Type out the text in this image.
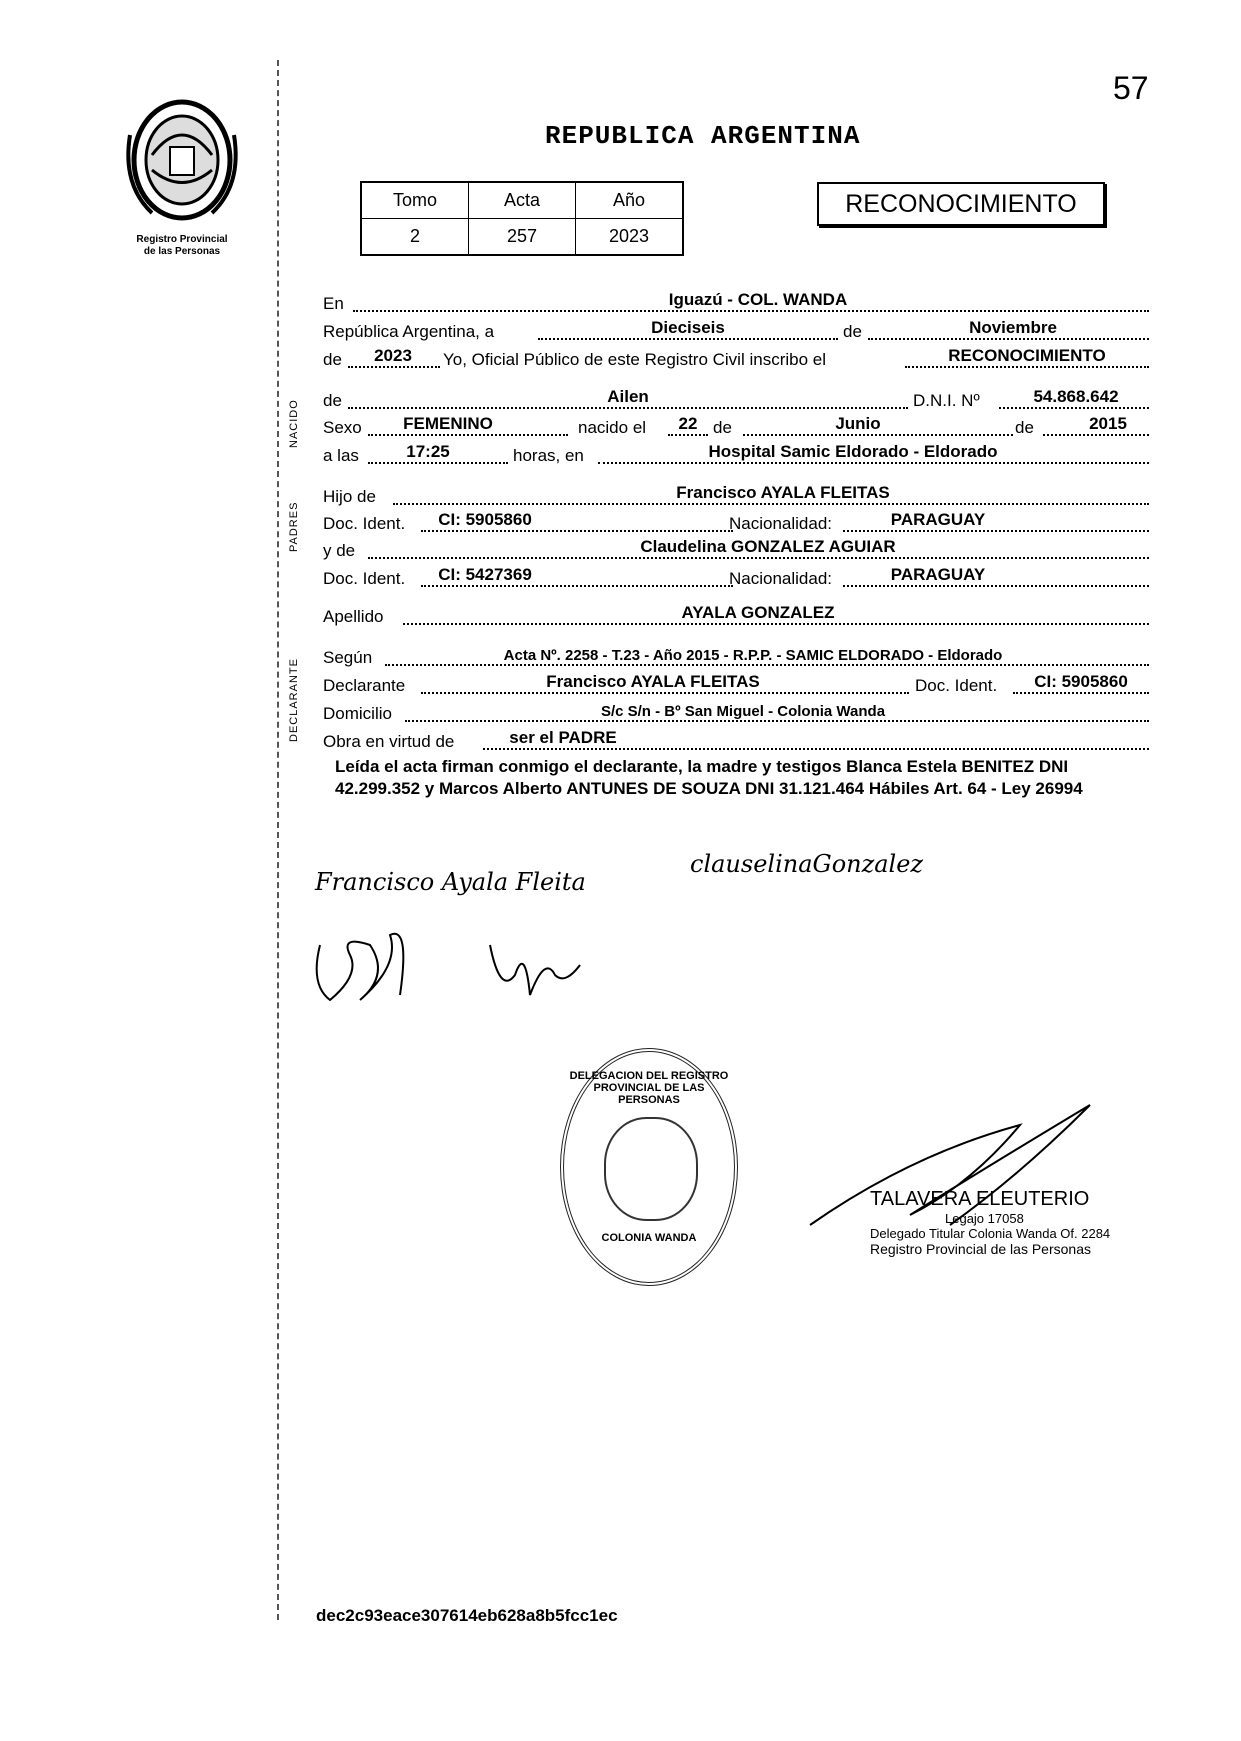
57
REPUBLICA ARGENTINA
Registro Provincial
de las Personas
Tomo	Acta	Año
2	257	2023
RECONOCIMIENTO
En	Iguazú - COL. WANDA
República Argentina, a	Dieciseis	de	Noviembre
de	2023	Yo, Oficial Público de este Registro Civil inscribo el	RECONOCIMIENTO
de	Ailen	D.N.I. Nº	54.868.642
Sexo	FEMENINO	nacido el	22 de	Junio	de	2015
a las	17:25	horas, en	Hospital Samic Eldorado - Eldorado
Hijo de	Francisco AYALA FLEITAS
Doc. Ident.	CI: 5905860	Nacionalidad:	PARAGUAY
y de	Claudelina GONZALEZ AGUIAR
Doc. Ident.	CI: 5427369	Nacionalidad:	PARAGUAY
Apellido	AYALA GONZALEZ
Según	Acta Nº. 2258 - T.23 - Año 2015 - R.P.P. - SAMIC ELDORADO - Eldorado
Declarante	Francisco AYALA FLEITAS	Doc. Ident.	CI: 5905860
Domicilio	S/c S/n - Bº San Miguel - Colonia Wanda
Obra en virtud de	ser el PADRE
NACIDO
PADRES
DECLARANTE
Leída el acta firman conmigo el declarante, la madre y testigos Blanca Estela BENITEZ DNI 42.299.352 y Marcos Alberto ANTUNES DE SOUZA DNI 31.121.464 Hábiles Art. 64 - Ley 26994
Francisco Ayala Fleita
clauselinaGonzalez
DELEGACION DEL REGISTRO PROVINCIAL DE LAS PERSONAS
COLONIA WANDA
TALAVERA ELEUTERIO
Legajo 17058
Delegado Titular Colonia Wanda Of. 2284
Registro Provincial de las Personas
dec2c93eace307614eb628a8b5fcc1ec
